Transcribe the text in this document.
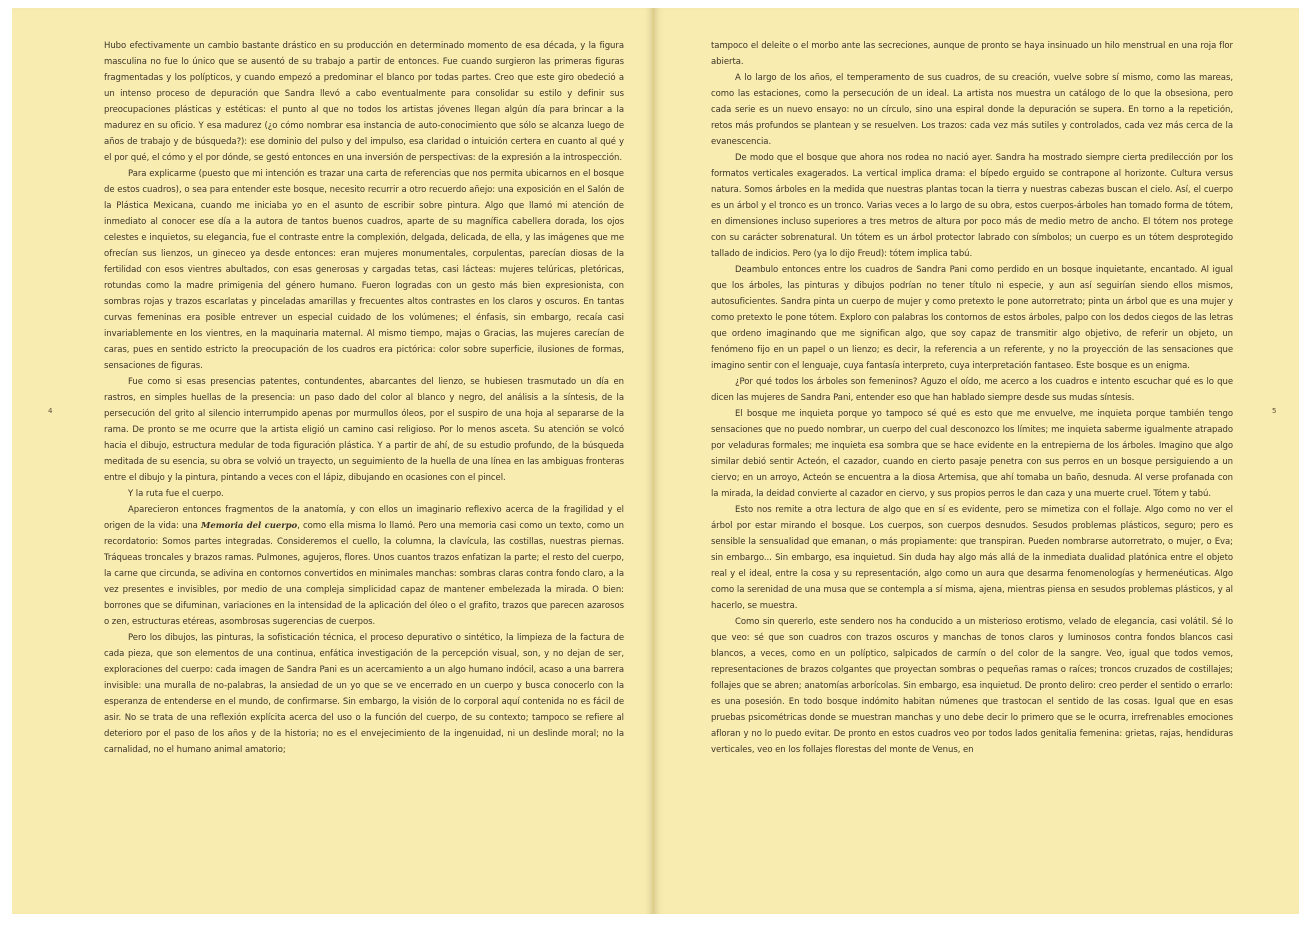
Hubo efectivamente un cambio bastante drástico en su producción en determinado momento de esa década, y la figura masculina no fue lo único que se ausentó de su trabajo a partir de entonces. Fue cuando surgieron las primeras figuras fragmentadas y los polípticos, y cuando empezó a predominar el blanco por todas partes. Creo que este giro obedeció a un intenso proceso de depuración que Sandra llevó a cabo eventualmente para consolidar su estilo y definir sus preocupaciones plásticas y estéticas: el punto al que no todos los artistas jóvenes llegan algún día para brincar a la madurez en su oficio. Y esa madurez (¿o cómo nombrar esa instancia de auto-conocimiento que sólo se alcanza luego de años de trabajo y de búsqueda?): ese dominio del pulso y del impulso, esa claridad o intuición certera en cuanto al qué y el por qué, el cómo y el por dónde, se gestó entonces en una inversión de perspectivas: de la expresión a la introspección.

Para explicarme (puesto que mi intención es trazar una carta de referencias que nos permita ubicarnos en el bosque de estos cuadros), o sea para entender este bosque, necesito recurrir a otro recuerdo añejo: una exposición en el Salón de la Plástica Mexicana, cuando me iniciaba yo en el asunto de escribir sobre pintura. Algo que llamó mi atención de inmediato al conocer ese día a la autora de tantos buenos cuadros, aparte de su magnífica cabellera dorada, los ojos celestes e inquietos, su elegancia, fue el contraste entre la complexión, delgada, delicada, de ella, y las imágenes que me ofrecían sus lienzos, un gineceo ya desde entonces: eran mujeres monumentales, corpulentas, parecían diosas de la fertilidad con esos vientres abultados, con esas generosas y cargadas tetas, casi lácteas: mujeres telúricas, pletóricas, rotundas como la madre primigenia del género humano. Fueron logradas con un gesto más bien expresionista, con sombras rojas y trazos escarlatas y pinceladas amarillas y frecuentes altos contrastes en los claros y oscuros. En tantas curvas femeninas era posible entrever un especial cuidado de los volúmenes; el énfasis, sin embargo, recaía casi invariablemente en los vientres, en la maquinaria maternal. Al mismo tiempo, majas o Gracias, las mujeres carecían de caras, pues en sentido estricto la preocupación de los cuadros era pictórica: color sobre superficie, ilusiones de formas, sensaciones de figuras.

Fue como si esas presencias patentes, contundentes, abarcantes del lienzo, se hubiesen trasmutado un día en rastros, en simples huellas de la presencia: un paso dado del color al blanco y negro, del análisis a la síntesis, de la persecución del grito al silencio interrumpido apenas por murmullos óleos, por el suspiro de una hoja al separarse de la rama. De pronto se me ocurre que la artista eligió un camino casi religioso. Por lo menos asceta. Su atención se volcó hacia el dibujo, estructura medular de toda figuración plástica. Y a partir de ahí, de su estudio profundo, de la búsqueda meditada de su esencia, su obra se volvió un trayecto, un seguimiento de la huella de una línea en las ambiguas fronteras entre el dibujo y la pintura, pintando a veces con el lápiz, dibujando en ocasiones con el pincel.

Y la ruta fue el cuerpo.

Aparecieron entonces fragmentos de la anatomía, y con ellos un imaginario reflexivo acerca de la fragilidad y el origen de la vida: una Memoria del cuerpo, como ella misma lo llamó. Pero una memoria casi como un texto, como un recordatorio: Somos partes integradas. Consideremos el cuello, la columna, la clavícula, las costillas, nuestras piernas. Tráqueas troncales y brazos ramas. Pulmones, agujeros, flores. Unos cuantos trazos enfatizan la parte; el resto del cuerpo, la carne que circunda, se adivina en contornos convertidos en minimales manchas: sombras claras contra fondo claro, a la vez presentes e invisibles, por medio de una compleja simplicidad capaz de mantener embelezada la mirada. O bien: borrones que se difuminan, variaciones en la intensidad de la aplicación del óleo o el grafito, trazos que parecen azarosos o zen, estructuras etéreas, asombrosas sugerencias de cuerpos.

Pero los dibujos, las pinturas, la sofisticación técnica, el proceso depurativo o sintético, la limpieza de la factura de cada pieza, que son elementos de una continua, enfática investigación de la percepción visual, son, y no dejan de ser, exploraciones del cuerpo: cada imagen de Sandra Pani es un acercamiento a un algo humano indócil, acaso a una barrera invisible: una muralla de no-palabras, la ansiedad de un yo que se ve encerrado en un cuerpo y busca conocerlo con la esperanza de entenderse en el mundo, de confirmarse. Sin embargo, la visión de lo corporal aquí contenida no es fácil de asir. No se trata de una reflexión explícita acerca del uso o la función del cuerpo, de su contexto; tampoco se refiere al deterioro por el paso de los años y de la historia; no es el envejecimiento de la ingenuidad, ni un deslinde moral; no la carnalidad, no el humano animal amatorio;

4

tampoco el deleite o el morbo ante las secreciones, aunque de pronto se haya insinuado un hilo menstrual en una roja flor abierta.

A lo largo de los años, el temperamento de sus cuadros, de su creación, vuelve sobre sí mismo, como las mareas, como las estaciones, como la persecución de un ideal. La artista nos muestra un catálogo de lo que la obsesiona, pero cada serie es un nuevo ensayo: no un círculo, sino una espiral donde la depuración se supera. En torno a la repetición, retos más profundos se plantean y se resuelven. Los trazos: cada vez más sutiles y controlados, cada vez más cerca de la evanescencia.

De modo que el bosque que ahora nos rodea no nació ayer. Sandra ha mostrado siempre cierta predilección por los formatos verticales exagerados. La vertical implica drama: el bípedo erguido se contrapone al horizonte. Cultura versus natura. Somos árboles en la medida que nuestras plantas tocan la tierra y nuestras cabezas buscan el cielo. Así, el cuerpo es un árbol y el tronco es un tronco. Varias veces a lo largo de su obra, estos cuerpos-árboles han tomado forma de tótem, en dimensiones incluso superiores a tres metros de altura por poco más de medio metro de ancho. El tótem nos protege con su carácter sobrenatural. Un tótem es un árbol protector labrado con símbolos; un cuerpo es un tótem desprotegido tallado de indicios. Pero (ya lo dijo Freud): tótem implica tabú.

Deambulo entonces entre los cuadros de Sandra Pani como perdido en un bosque inquietante, encantado. Al igual que los árboles, las pinturas y dibujos podrían no tener título ni especie, y aun así seguirían siendo ellos mismos, autosuficientes. Sandra pinta un cuerpo de mujer y como pretexto le pone autorretrato; pinta un árbol que es una mujer y como pretexto le pone tótem. Exploro con palabras los contornos de estos árboles, palpo con los dedos ciegos de las letras que ordeno imaginando que me significan algo, que soy capaz de transmitir algo objetivo, de referir un objeto, un fenómeno fijo en un papel o un lienzo; es decir, la referencia a un referente, y no la proyección de las sensaciones que imagino sentir con el lenguaje, cuya fantasía interpreto, cuya interpretación fantaseo. Este bosque es un enigma.

¿Por qué todos los árboles son femeninos? Aguzo el oído, me acerco a los cuadros e intento escuchar qué es lo que dicen las mujeres de Sandra Pani, entender eso que han hablado siempre desde sus mudas síntesis.

El bosque me inquieta porque yo tampoco sé qué es esto que me envuelve, me inquieta porque también tengo sensaciones que no puedo nombrar, un cuerpo del cual desconozco los límites; me inquieta saberme igualmente atrapado por veladuras formales; me inquieta esa sombra que se hace evidente en la entrepierna de los árboles. Imagino que algo similar debió sentir Acteón, el cazador, cuando en cierto pasaje penetra con sus perros en un bosque persiguiendo a un ciervo; en un arroyo, Acteón se encuentra a la diosa Artemisa, que ahí tomaba un baño, desnuda. Al verse profanada con la mirada, la deidad convierte al cazador en ciervo, y sus propios perros le dan caza y una muerte cruel. Tótem y tabú.

Esto nos remite a otra lectura de algo que en sí es evidente, pero se mimetiza con el follaje. Algo como no ver el árbol por estar mirando el bosque. Los cuerpos, son cuerpos desnudos. Sesudos problemas plásticos, seguro; pero es sensible la sensualidad que emanan, o más propiamente: que transpiran. Pueden nombrarse autorretrato, o mujer, o Eva; sin embargo... Sin embargo, esa inquietud. Sin duda hay algo más allá de la inmediata dualidad platónica entre el objeto real y el ideal, entre la cosa y su representación, algo como un aura que desarma fenomenologías y hermenéuticas. Algo como la serenidad de una musa que se contempla a sí misma, ajena, mientras piensa en sesudos problemas plásticos, y al hacerlo, se muestra.

Como sin quererlo, este sendero nos ha conducido a un misterioso erotismo, velado de elegancia, casi volátil. Sé lo que veo: sé que son cuadros con trazos oscuros y manchas de tonos claros y luminosos contra fondos blancos casi blancos, a veces, como en un políptico, salpicados de carmín o del color de la sangre. Veo, igual que todos vemos, representaciones de brazos colgantes que proyectan sombras o pequeñas ramas o raíces; troncos cruzados de costillajes; follajes que se abren; anatomías arborícolas. Sin embargo, esa inquietud. De pronto deliro: creo perder el sentido o errarlo: es una posesión. En todo bosque indómito habitan númenes que trastocan el sentido de las cosas. Igual que en esas pruebas psicométricas donde se muestran manchas y uno debe decir lo primero que se le ocurra, irrefrenables emociones afloran y no lo puedo evitar. De pronto en estos cuadros veo por todos lados genitalia femenina: grietas, rajas, hendiduras verticales, veo en los follajes florestas del monte de Venus, en

5
